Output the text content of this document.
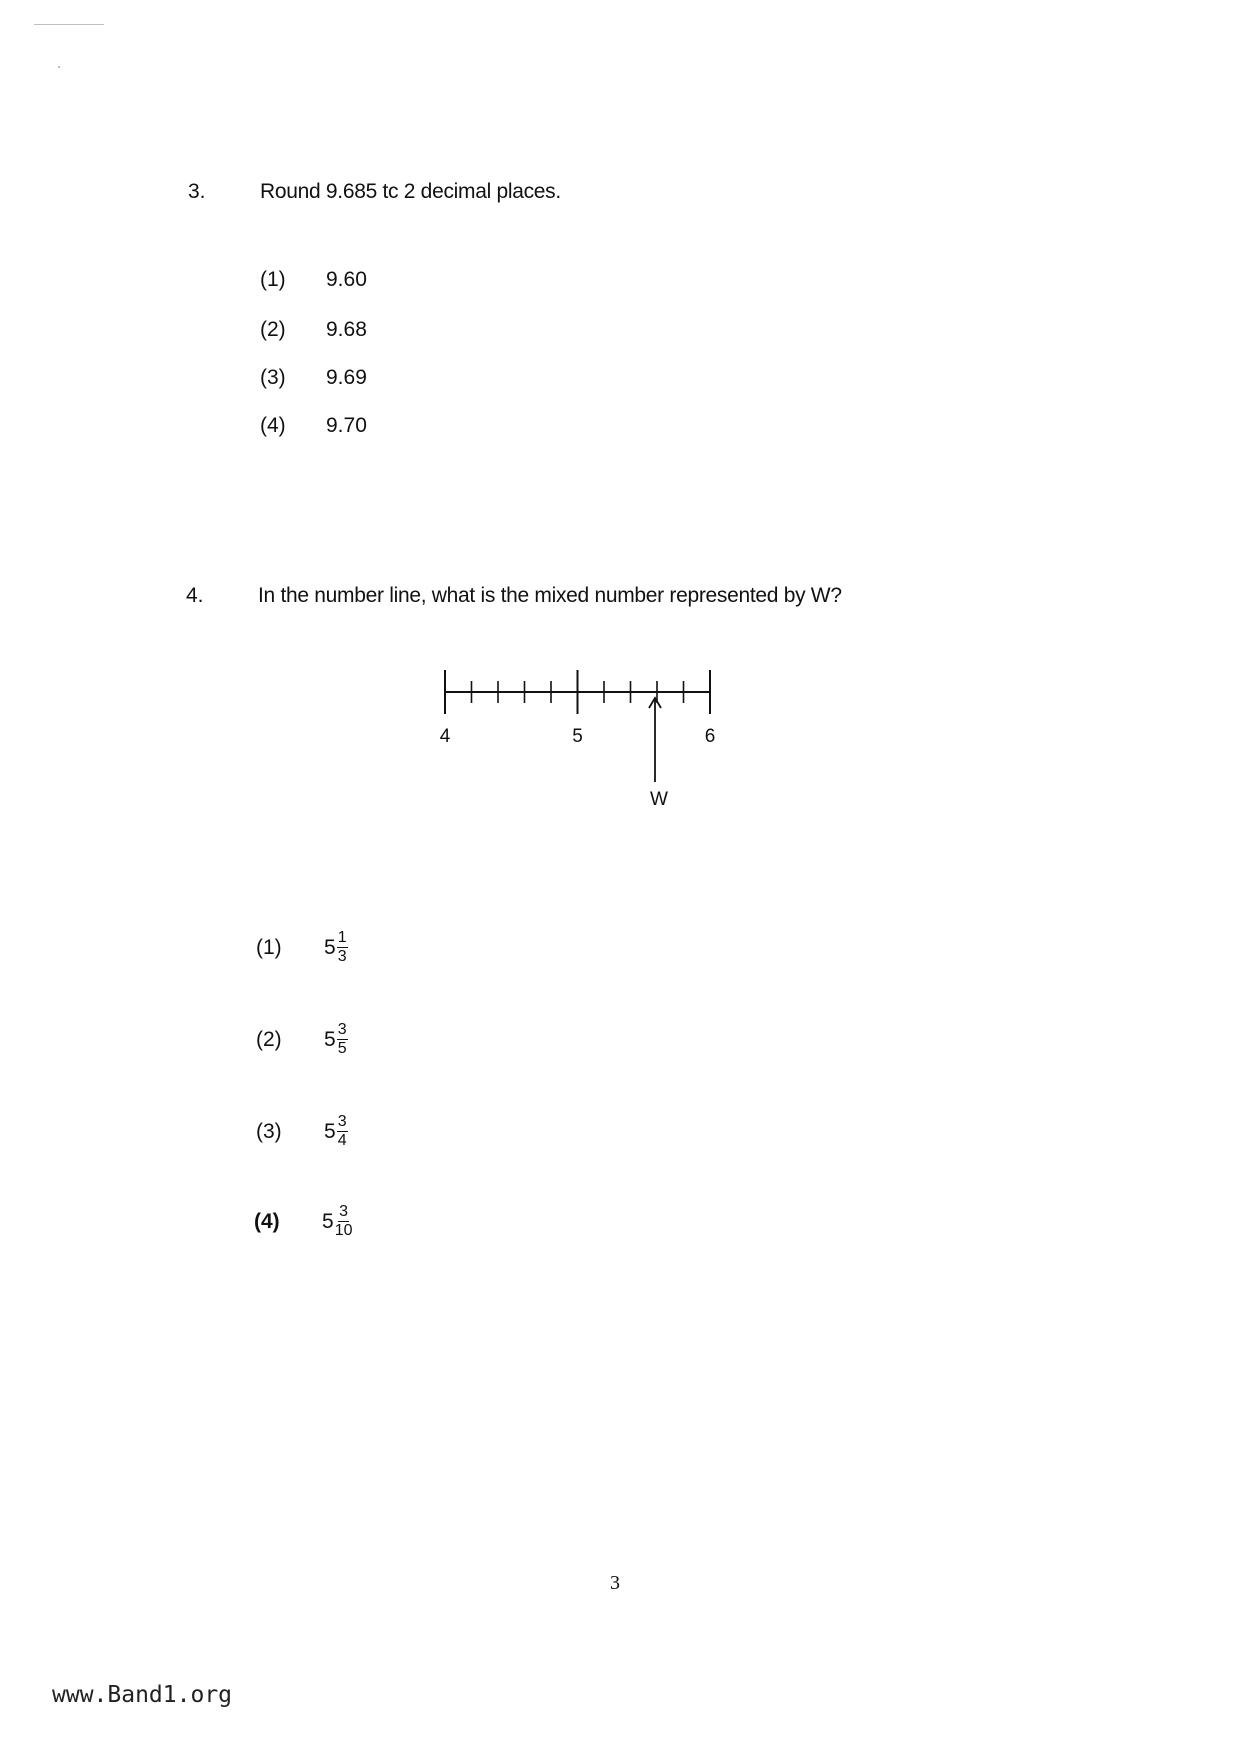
3.	Round 9.685 tc 2 decimal places.
(1)	9.60
(2)	9.68
(3)	9.69
(4)	9.70
4.	In the number line, what is the mixed number represented by W?
4	5	6
W
(1)	$5 \frac{1}{3}$
(2)	$5 \frac{3}{5}$
(3)	$5 \frac{3}{4}$
(4)	$5 \frac{3}{10}$
3
www.Band1.org
